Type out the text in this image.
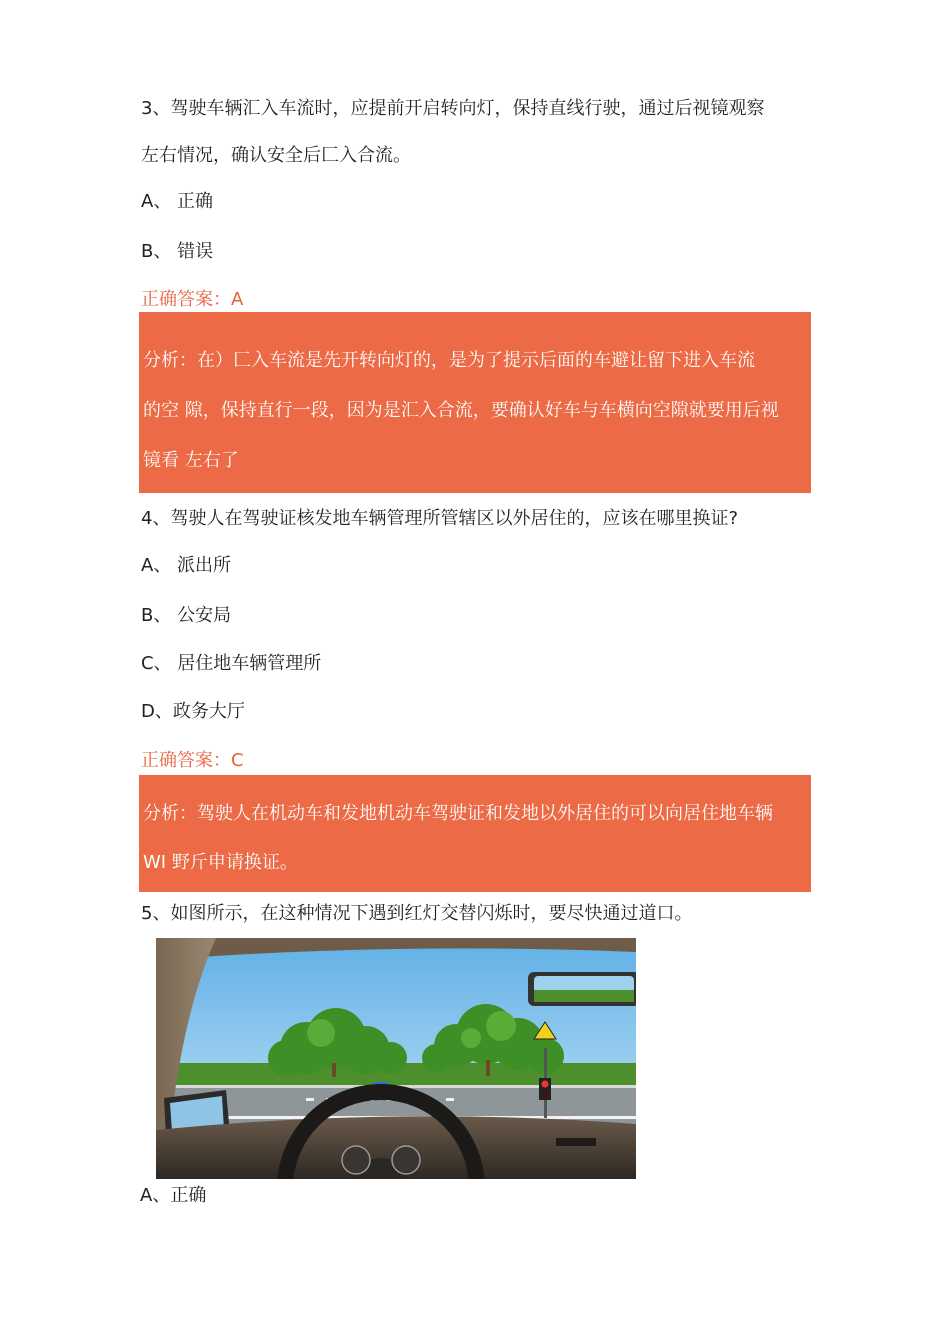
3、驾驶车辆汇入车流时，应提前开启转向灯，保持直线行驶，通过后视镜观察
左右情况，确认安全后匚入合流。
A、 正确
B、 错误
正确答案：A
分析：在）匚入车流是先开转向灯的，是为了提示后面的车避让留下进入车流
的空 隙，保持直行一段，因为是汇入合流，要确认好车与车横向空隙就要用后视
镜看 左右了
4、驾驶人在驾驶证核发地车辆管理所管辖区以外居住的，应该在哪里换证?
A、 派出所
B、 公安局
C、 居住地车辆管理所
D、政务大厅
正确答案：C
分析：驾驶人在机动车和发地机动车驾驶证和发地以外居住的可以向居住地车辆
WI 野斤申请换证。
5、如图所示，在这种情况下遇到红灯交替闪烁时，要尽快通过道口。
A、正确
